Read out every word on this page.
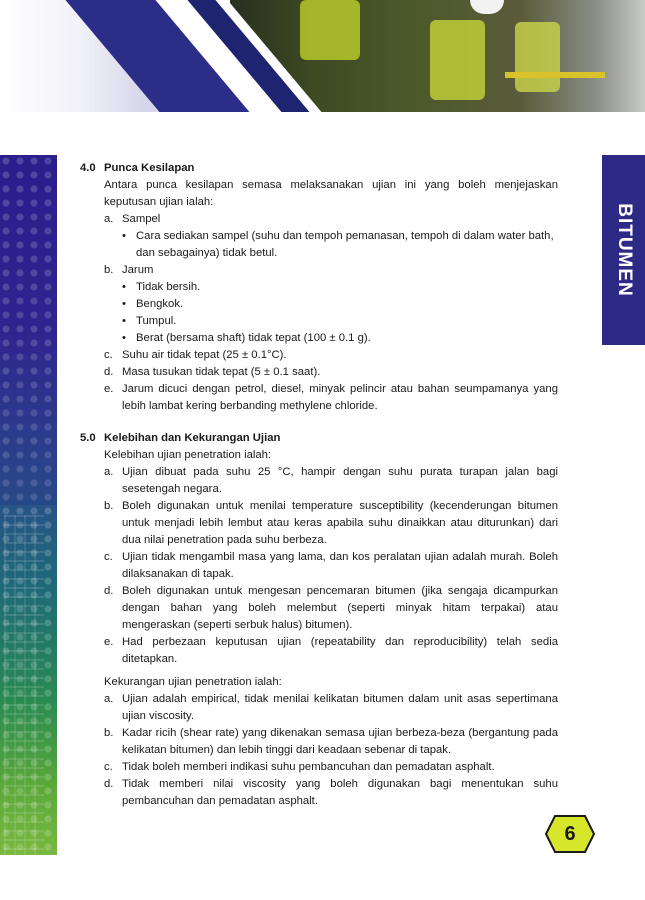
BITUMEN
4.0 Punca Kesilapan
Antara punca kesilapan semasa melaksanakan ujian ini yang boleh menjejaskan keputusan ujian ialah:
a. Sampel
• Cara sediakan sampel (suhu dan tempoh pemanasan, tempoh di dalam water bath, dan sebagainya) tidak betul.
b. Jarum
• Tidak bersih.
• Bengkok.
• Tumpul.
• Berat (bersama shaft) tidak tepat (100 ± 0.1 g).
c. Suhu air tidak tepat (25 ± 0.1°C).
d. Masa tusukan tidak tepat (5 ± 0.1 saat).
e. Jarum dicuci dengan petrol, diesel, minyak pelincir atau bahan seumpamanya yang lebih lambat kering berbanding methylene chloride.
5.0 Kelebihan dan Kekurangan Ujian
Kelebihan ujian penetration ialah:
a. Ujian dibuat pada suhu 25 °C, hampir dengan suhu purata turapan jalan bagi sesetengah negara.
b. Boleh digunakan untuk menilai temperature susceptibility (kecenderungan bitumen untuk menjadi lebih lembut atau keras apabila suhu dinaikkan atau diturunkan) dari dua nilai penetration pada suhu berbeza.
c. Ujian tidak mengambil masa yang lama, dan kos peralatan ujian adalah murah. Boleh dilaksanakan di tapak.
d. Boleh digunakan untuk mengesan pencemaran bitumen (jika sengaja dicampurkan dengan bahan yang boleh melembut (seperti minyak hitam terpakai) atau mengeraskan (seperti serbuk halus) bitumen).
e. Had perbezaan keputusan ujian (repeatability dan reproducibility) telah sedia ditetapkan.
Kekurangan ujian penetration ialah:
a. Ujian adalah empirical, tidak menilai kelikatan bitumen dalam unit asas sepertimana ujian viscosity.
b. Kadar ricih (shear rate) yang dikenakan semasa ujian berbeza-beza (bergantung pada kelikatan bitumen) dan lebih tinggi dari keadaan sebenar di tapak.
c. Tidak boleh memberi indikasi suhu pembancuhan dan pemadatan asphalt.
d. Tidak memberi nilai viscosity yang boleh digunakan bagi menentukan suhu pembancuhan dan pemadatan asphalt.
6
